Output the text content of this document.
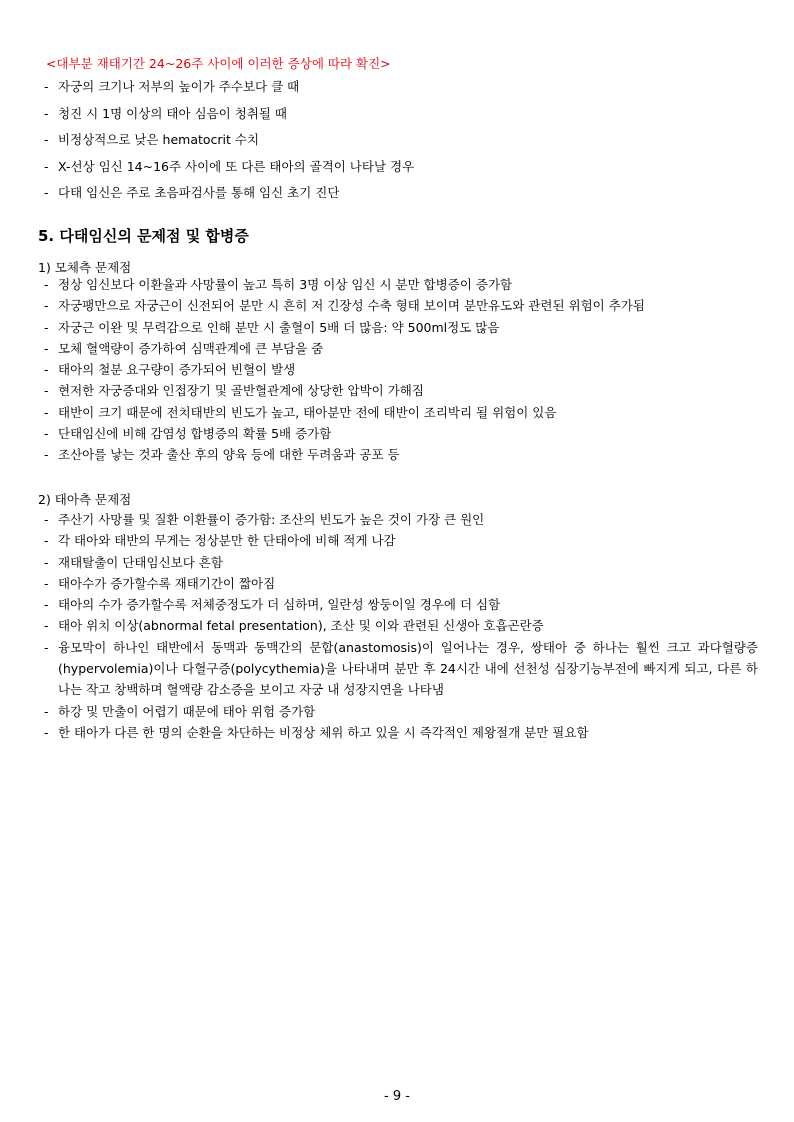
<대부분 재태기간 24~26주 사이에 이러한 증상에 따라 확진>
- 자궁의 크기나 저부의 높이가 주수보다 클 때
- 청진 시 1명 이상의 태아 심음이 청취될 때
- 비정상적으로 낮은 hematocrit 수치
- X-선상 임신 14~16주 사이에 또 다른 태아의 골격이 나타날 경우
- 다태 임신은 주로 초음파검사를 통해 임신 초기 진단
5. 다태임신의 문제점 및 합병증
1) 모체측 문제점
- 정상 임신보다 이환율과 사망률이 높고 특히 3명 이상 임신 시 분만 합병증이 증가함
- 자궁팽만으로 자궁근이 신전되어 분만 시 흔히 저 긴장성 수축 형태 보이며 분만유도와 관련된 위험이 추가됨
- 자궁근 이완 및 무력감으로 인해 분만 시 출혈이 5배 더 많음: 약 500ml정도 많음
- 모체 혈액량이 증가하여 심맥관계에 큰 부담을 줌
- 태아의 철분 요구량이 증가되어 빈혈이 발생
- 현저한 자궁증대와 인접장기 및 골반혈관계에 상당한 압박이 가해짐
- 태반이 크기 때문에 전치태반의 빈도가 높고, 태아분만 전에 태반이 조리박리 될 위험이 있음
- 단태임신에 비해 감염성 합병증의 확률 5배 증가함
- 조산아를 낳는 것과 출산 후의 양육 등에 대한 두려움과 공포 등
2) 태아측 문제점
- 주산기 사망률 및 질환 이환률이 증가함: 조산의 빈도가 높은 것이 가장 큰 원인
- 각 태아와 태반의 무게는 정상분만 한 단태아에 비해 적게 나감
- 재태탈출이 단태임신보다 흔함
- 태아수가 증가할수록 재태기간이 짧아짐
- 태아의 수가 증가할수록 저체중정도가 더 심하며, 일란성 쌍둥이일 경우에 더 심함
- 태아 위치 이상(abnormal fetal presentation), 조산 및 이와 관련된 신생아 호흡곤란증
- 융모막이 하나인 태반에서 동맥과 동맥간의 문합(anastomosis)이 일어나는 경우, 쌍태아 중 하나는 훨씬 크고 과다혈량증(hypervolemia)이나 다혈구증(polycythemia)을 나타내며 분만 후 24시간 내에 선천성 심장기능부전에 빠지게 되고, 다른 하나는 작고 창백하며 혈액량 감소증을 보이고 자궁 내 성장지연을 나타냄
- 하강 및 만출이 어렵기 때문에 태아 위험 증가함
- 한 태아가 다른 한 명의 순환을 차단하는 비정상 체위 하고 있을 시 즉각적인 제왕절개 분만 필요함
- 9 -
